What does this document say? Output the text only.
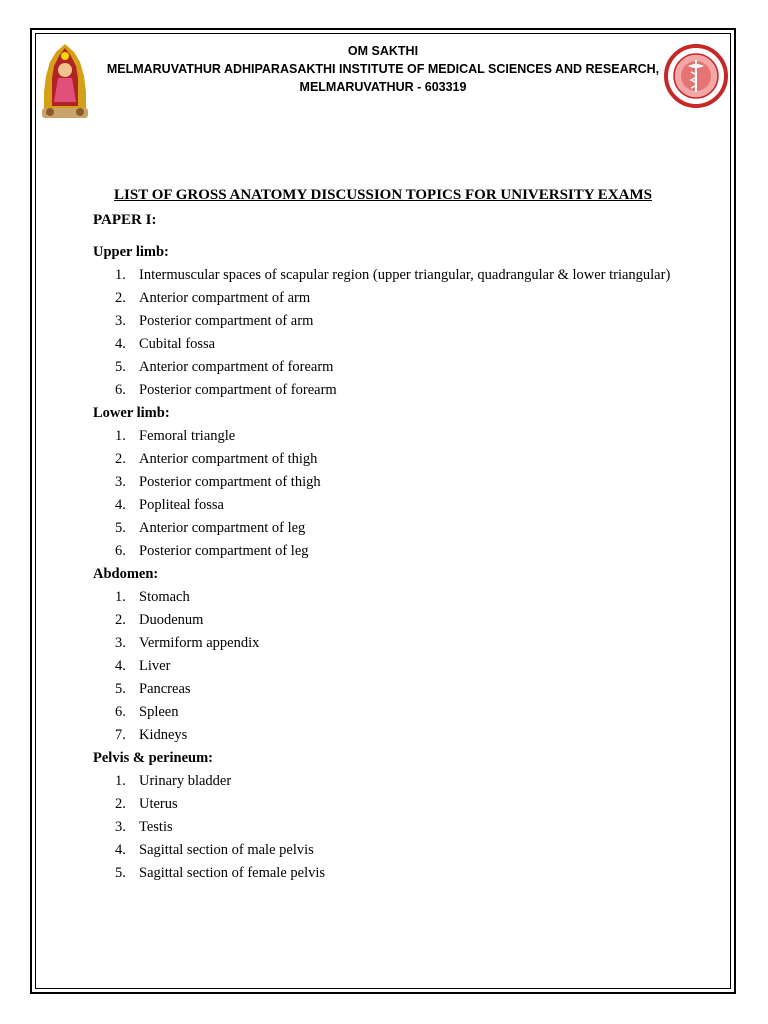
OM SAKTHI
MELMARUVATHUR ADHIPARASAKTHI INSTITUTE OF MEDICAL SCIENCES AND RESEARCH,
MELMARUVATHUR - 603319
LIST OF GROSS ANATOMY DISCUSSION TOPICS FOR UNIVERSITY EXAMS
PAPER I:
Upper limb:
1. Intermuscular spaces of scapular region (upper triangular, quadrangular & lower triangular)
2. Anterior compartment of arm
3. Posterior compartment of arm
4. Cubital fossa
5. Anterior compartment of forearm
6. Posterior compartment of forearm
Lower limb:
1. Femoral triangle
2. Anterior compartment of thigh
3. Posterior compartment of thigh
4. Popliteal fossa
5. Anterior compartment of leg
6. Posterior compartment of leg
Abdomen:
1. Stomach
2. Duodenum
3. Vermiform appendix
4. Liver
5. Pancreas
6. Spleen
7. Kidneys
Pelvis & perineum:
1. Urinary bladder
2. Uterus
3. Testis
4. Sagittal section of male pelvis
5. Sagittal section of female pelvis
